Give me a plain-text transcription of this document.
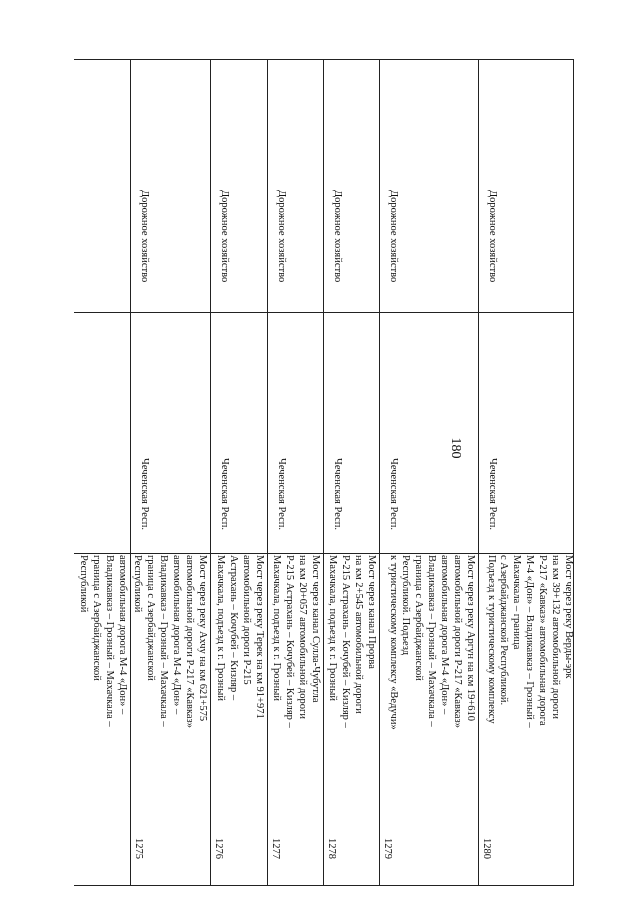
180
автомобильная дорога М-4 «Дон» –
Владикавказ – Грозный – Махачкала –
граница с Азербайджанской
Республикой
1275
Мост через реку Ахчу на км 621+575
автомобильной дороги Р-217 «Кавказ»
автомобильная дорога М-4 «Дон» –
Владикавказ – Грозный – Махачкала –
граница с Азербайджанской
Республикой
Чеченская Респ.
Дорожное хозяйство
1276
Мост через реку Терек на км 91+971
автомобильной дороги Р-215
Астрахань – Кочубей – Кизляр –
Махачкала, подъезд к г. Грозный
Чеченская Респ.
Дорожное хозяйство
1277
Мост через канал Сулла-Чубутла
на км 20+057 автомобильной дороги
Р-215 Астрахань – Кочубей – Кизляр –
Махачкала, подъезд к г. Грозный
Чеченская Респ.
Дорожное хозяйство
1278
Мост через канал Прорва
на км 2+545 автомобильной дороги
Р-215 Астрахань – Кочубей – Кизляр –
Махачкала, подъезд к г. Грозный
Чеченская Респ.
Дорожное хозяйство
1279
Мост через реку Аргун на км 19+610
автомобильной дороги Р-217 «Кавказ»
автомобильная дорога М-4 «Дон» –
Владикавказ – Грозный – Махачкала –
граница с Азербайджанской
Республикой. Подъезд
к туристическому комплексу «Ведучи»
Чеченская Респ.
Дорожное хозяйство
1280
Мост через реку Верды-эрк
на км 39+132 автомобильной дороги
Р-217 «Кавказ» автомобильная дорога
М-4 «Дон» – Владикавказ – Грозный –
Махачкала – граница
с Азербайджанской Республикой.
Подъезд к туристическому комплексу
Чеченская Респ.
Дорожное хозяйство
